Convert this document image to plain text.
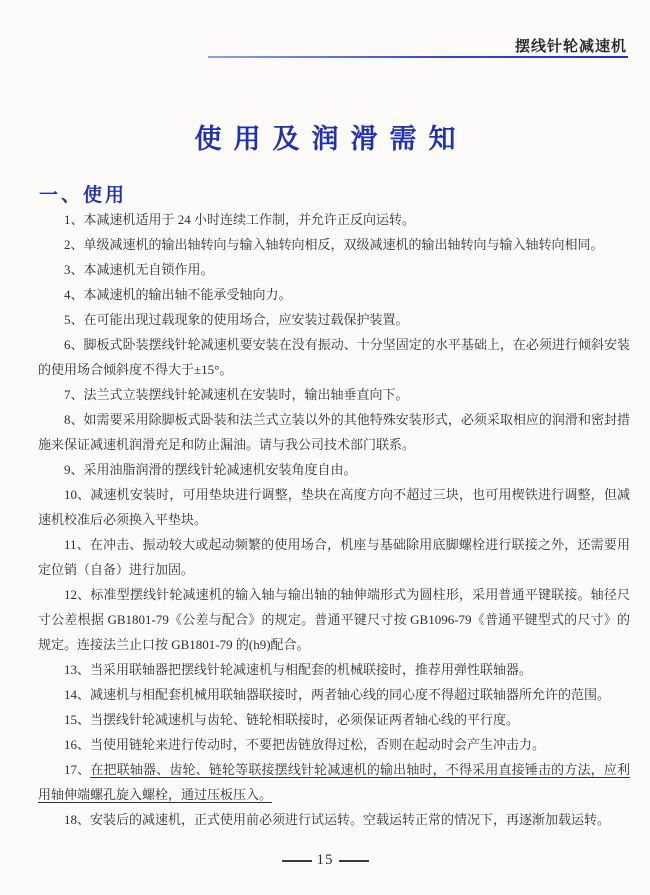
摆线针轮减速机
使用及润滑需知
一、使用

1、本减速机适用于 24 小时连续工作制，并允许正反向运转。

2、单级减速机的输出轴转向与输入轴转向相反，双级减速机的输出轴转向与输入轴转向相同。

3、本减速机无自锁作用。

4、本减速机的输出轴不能承受轴向力。

5、在可能出现过载现象的使用场合，应安装过载保护装置。

6、脚板式卧装摆线针轮减速机要安装在没有振动、十分坚固定的水平基础上，在必须进行倾斜安装的使用场合倾斜度不得大于±15°。

7、法兰式立装摆线针轮减速机在安装时，输出轴垂直向下。

8、如需要采用除脚板式卧装和法兰式立装以外的其他特殊安装形式，必须采取相应的润滑和密封措施来保证减速机润滑充足和防止漏油。请与我公司技术部门联系。

9、采用油脂润滑的摆线针轮减速机安装角度自由。

10、减速机安装时，可用垫块进行调整，垫块在高度方向不超过三块，也可用楔铁进行调整，但减速机校准后必须换入平垫块。

11、在冲击、振动较大或起动频繁的使用场合，机座与基础除用底脚螺栓进行联接之外，还需要用定位销（自备）进行加固。

12、标准型摆线针轮减速机的输入轴与输出轴的轴伸端形式为圆柱形，采用普通平键联接。轴径尺寸公差根据 GB1801-79《公差与配合》的规定。普通平键尺寸按 GB1096-79《普通平键型式的尺寸》的规定。连接法兰止口按 GB1801-79 的(h9)配合。

13、当采用联轴器把摆线针轮减速机与相配套的机械联接时，推荐用弹性联轴器。

14、减速机与相配套机械用联轴器联接时，两者轴心线的同心度不得超过联轴器所允许的范围。

15、当摆线针轮减速机与齿轮、链轮相联接时，必须保证两者轴心线的平行度。

16、当使用链轮来进行传动时，不要把齿链放得过松，否则在起动时会产生冲击力。

17、在把联轴器、齿轮、链轮等联接摆线针轮减速机的输出轴时，不得采用直接锤击的方法，应利用轴伸端螺孔旋入螺栓，通过压板压入。

18、安装后的减速机，正式使用前必须进行试运转。空载运转正常的情况下，再逐渐加载运转。

15
